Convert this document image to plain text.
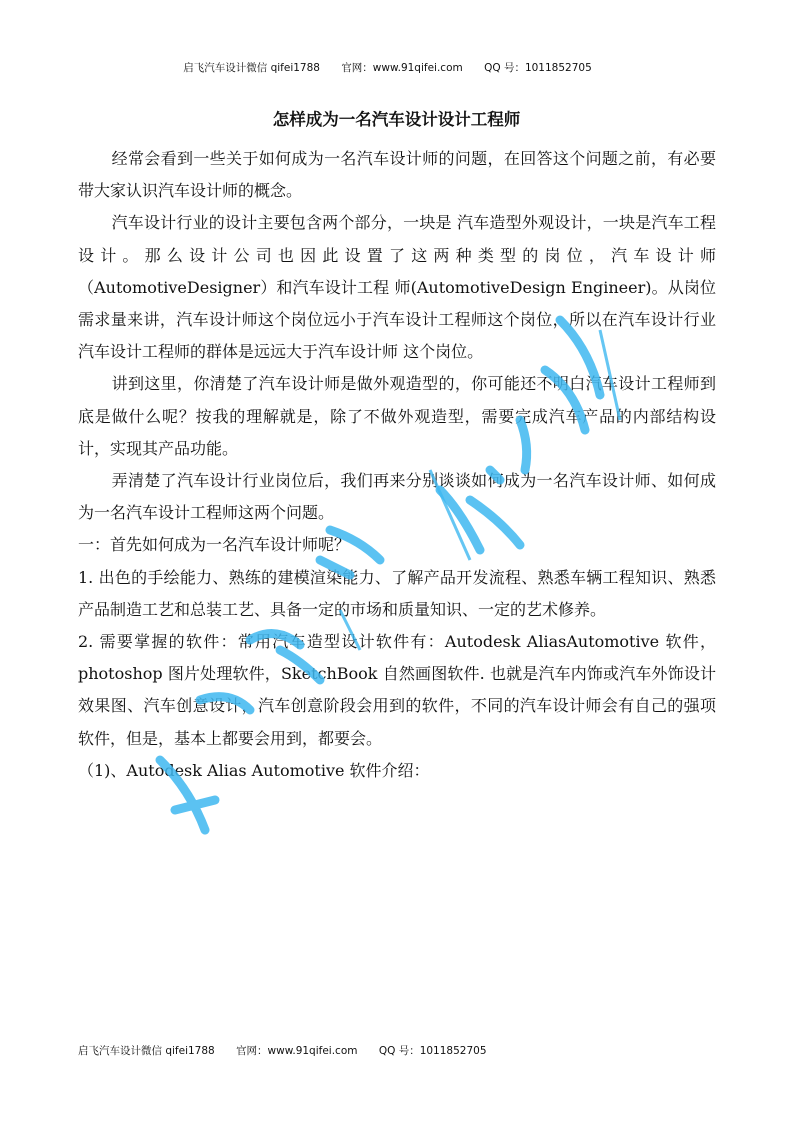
启飞汽车设计微信 qifei1788 官网：www.91qifei.com QQ 号：1011852705
怎样成为一名汽车设计设计工程师

经常会看到一些关于如何成为一名汽车设计师的问题，在回答这个问题之前，有必要带大家认识汽车设计师的概念。

汽车设计行业的设计主要包含两个部分，一块是 汽车造型外观设计，一块是汽车工程设计。那么设计公司也因此设置了这两种类型的岗位，汽车设计师（AutomotiveDesigner）和汽车设计工程 师(AutomotiveDesign Engineer)。从岗位需求量来讲，汽车设计师这个岗位远小于汽车设计工程师这个岗位，所以在汽车设计行业汽车设计工程师的群体是远远大于汽车设计师 这个岗位。

讲到这里，你清楚了汽车设计师是做外观造型的，你可能还不明白汽车设计工程师到底是做什么呢？按我的理解就是，除了不做外观造型，需要完成汽车产品的内部结构设计，实现其产品功能。

弄清楚了汽车设计行业岗位后，我们再来分别谈谈如何成为一名汽车设计师、如何成为一名汽车设计工程师这两个问题。

一：首先如何成为一名汽车设计师呢？

1. 出色的手绘能力、熟练的建模渲染能力、了解产品开发流程、熟悉车辆工程知识、熟悉产品制造工艺和总装工艺、具备一定的市场和质量知识、一定的艺术修养。

2. 需要掌握的软件：常用汽车造型设计软件有：Autodesk AliasAutomotive 软件，photoshop 图片处理软件，SketchBook 自然画图软件. 也就是汽车内饰或汽车外饰设计效果图、汽车创意设计，汽车创意阶段会用到的软件，不同的汽车设计师会有自己的强项软件，但是，基本上都要会用到，都要会。

（1)、Autodesk Alias Automotive 软件介绍：

启飞汽车设计微信 qifei1788 官网：www.91qifei.com QQ 号：1011852705
